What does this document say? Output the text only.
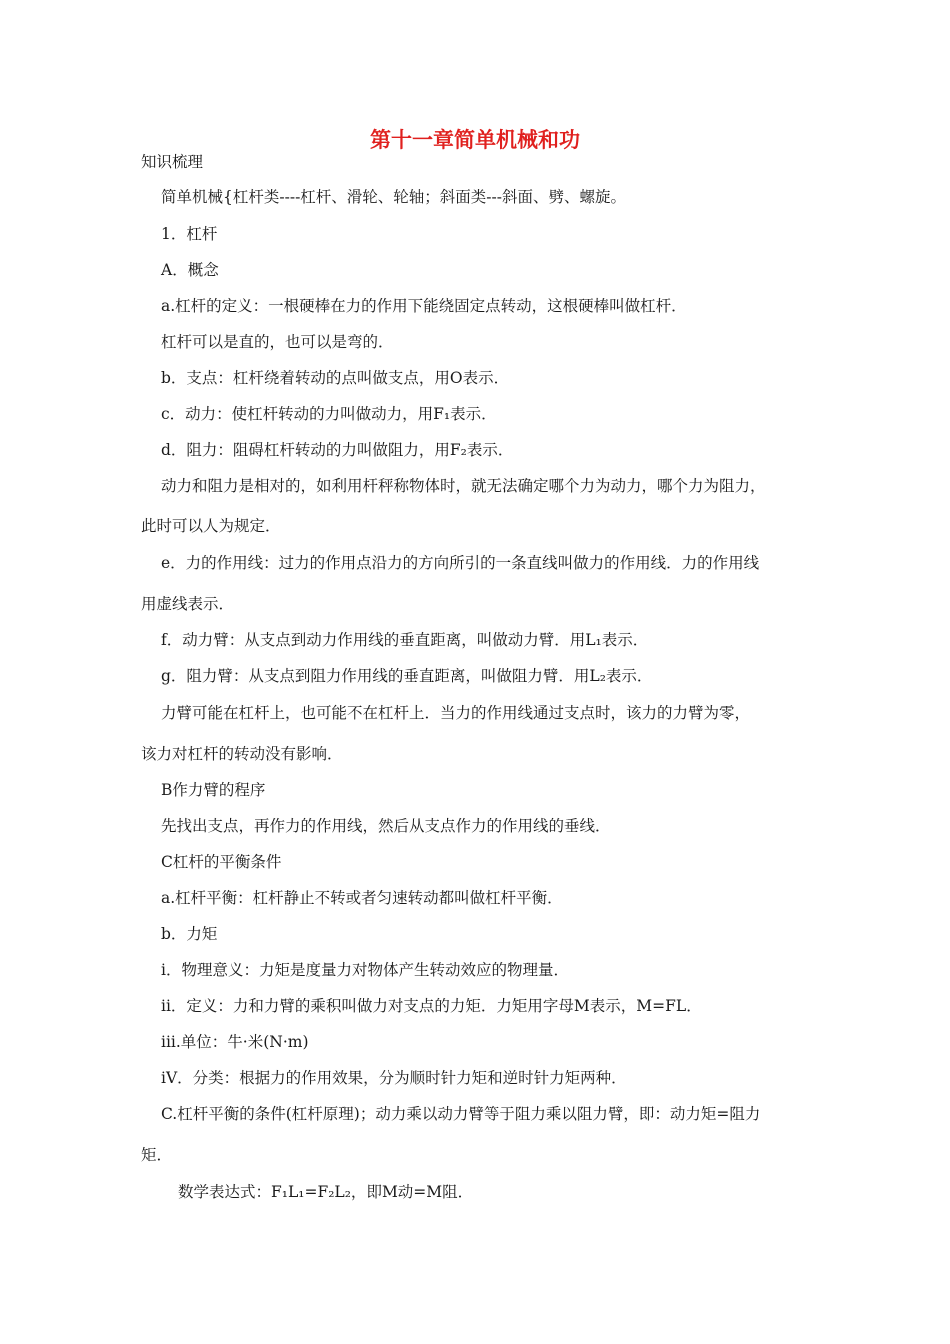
第十一章简单机械和功
知识梳理
简单机械{杠杆类----杠杆、滑轮、轮轴；斜面类---斜面、劈、螺旋。
1．杠杆
A．概念
a.杠杆的定义：一根硬棒在力的作用下能绕固定点转动，这根硬棒叫做杠杆．
杠杆可以是直的，也可以是弯的．
b．支点：杠杆绕着转动的点叫做支点，用O表示．
c．动力：使杠杆转动的力叫做动力，用F₁表示．
d．阻力：阻碍杠杆转动的力叫做阻力，用F₂表示．
动力和阻力是相对的，如利用杆秤称物体时，就无法确定哪个力为动力，哪个力为阻力，
此时可以人为规定．
e．力的作用线：过力的作用点沿力的方向所引的一条直线叫做力的作用线．力的作用线
用虚线表示．
f．动力臂：从支点到动力作用线的垂直距离，叫做动力臂．用L₁表示．
g．阻力臂：从支点到阻力作用线的垂直距离，叫做阻力臂．用L₂表示．
力臂可能在杠杆上，也可能不在杠杆上．当力的作用线通过支点时，该力的力臂为零，
该力对杠杆的转动没有影响．
B作力臂的程序
先找出支点，再作力的作用线，然后从支点作力的作用线的垂线．
C杠杆的平衡条件
a.杠杆平衡：杠杆静止不转或者匀速转动都叫做杠杆平衡．
b．力矩
i．物理意义：力矩是度量力对物体产生转动效应的物理量．
ii．定义：力和力臂的乘积叫做力对支点的力矩．力矩用字母M表示，M=FL．
iii.单位：牛·米(N·m)
iV．分类：根据力的作用效果，分为顺时针力矩和逆时针力矩两种．
C.杠杆平衡的条件(杠杆原理)；动力乘以动力臂等于阻力乘以阻力臂，即：动力矩=阻力
矩．
数学表达式：F₁L₁=F₂L₂，即M动=M阻．
